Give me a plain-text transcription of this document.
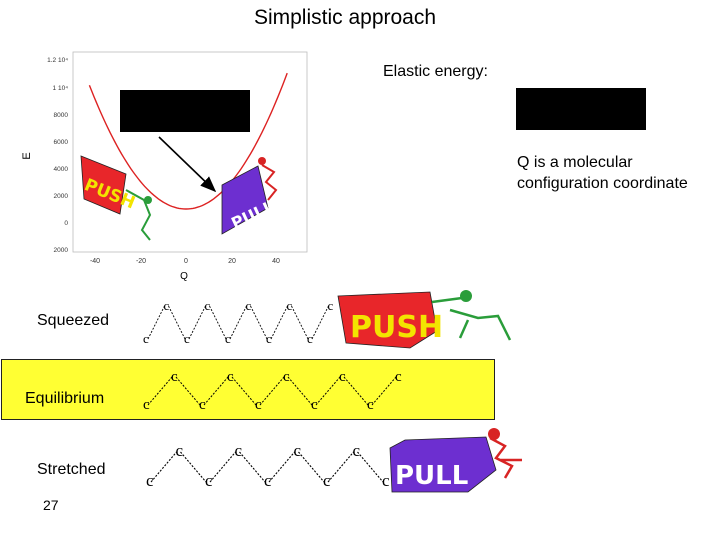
Simplistic approach
Elastic energy:
Q is a molecular
configuration coordinate
E
Q
1.2 10⁴
1 10⁴
8000
6000
4000
2000
0
2000
-40	-20	0	20	40
PUSH
PULL
c
c
c
c
c
c
c
c
c
c
c
c
c
c
c
c
c
c
c
c
c
c
c
c
c
c
c
c
c
PUSH
PULL
Squeezed
Equilibrium
Stretched
27
